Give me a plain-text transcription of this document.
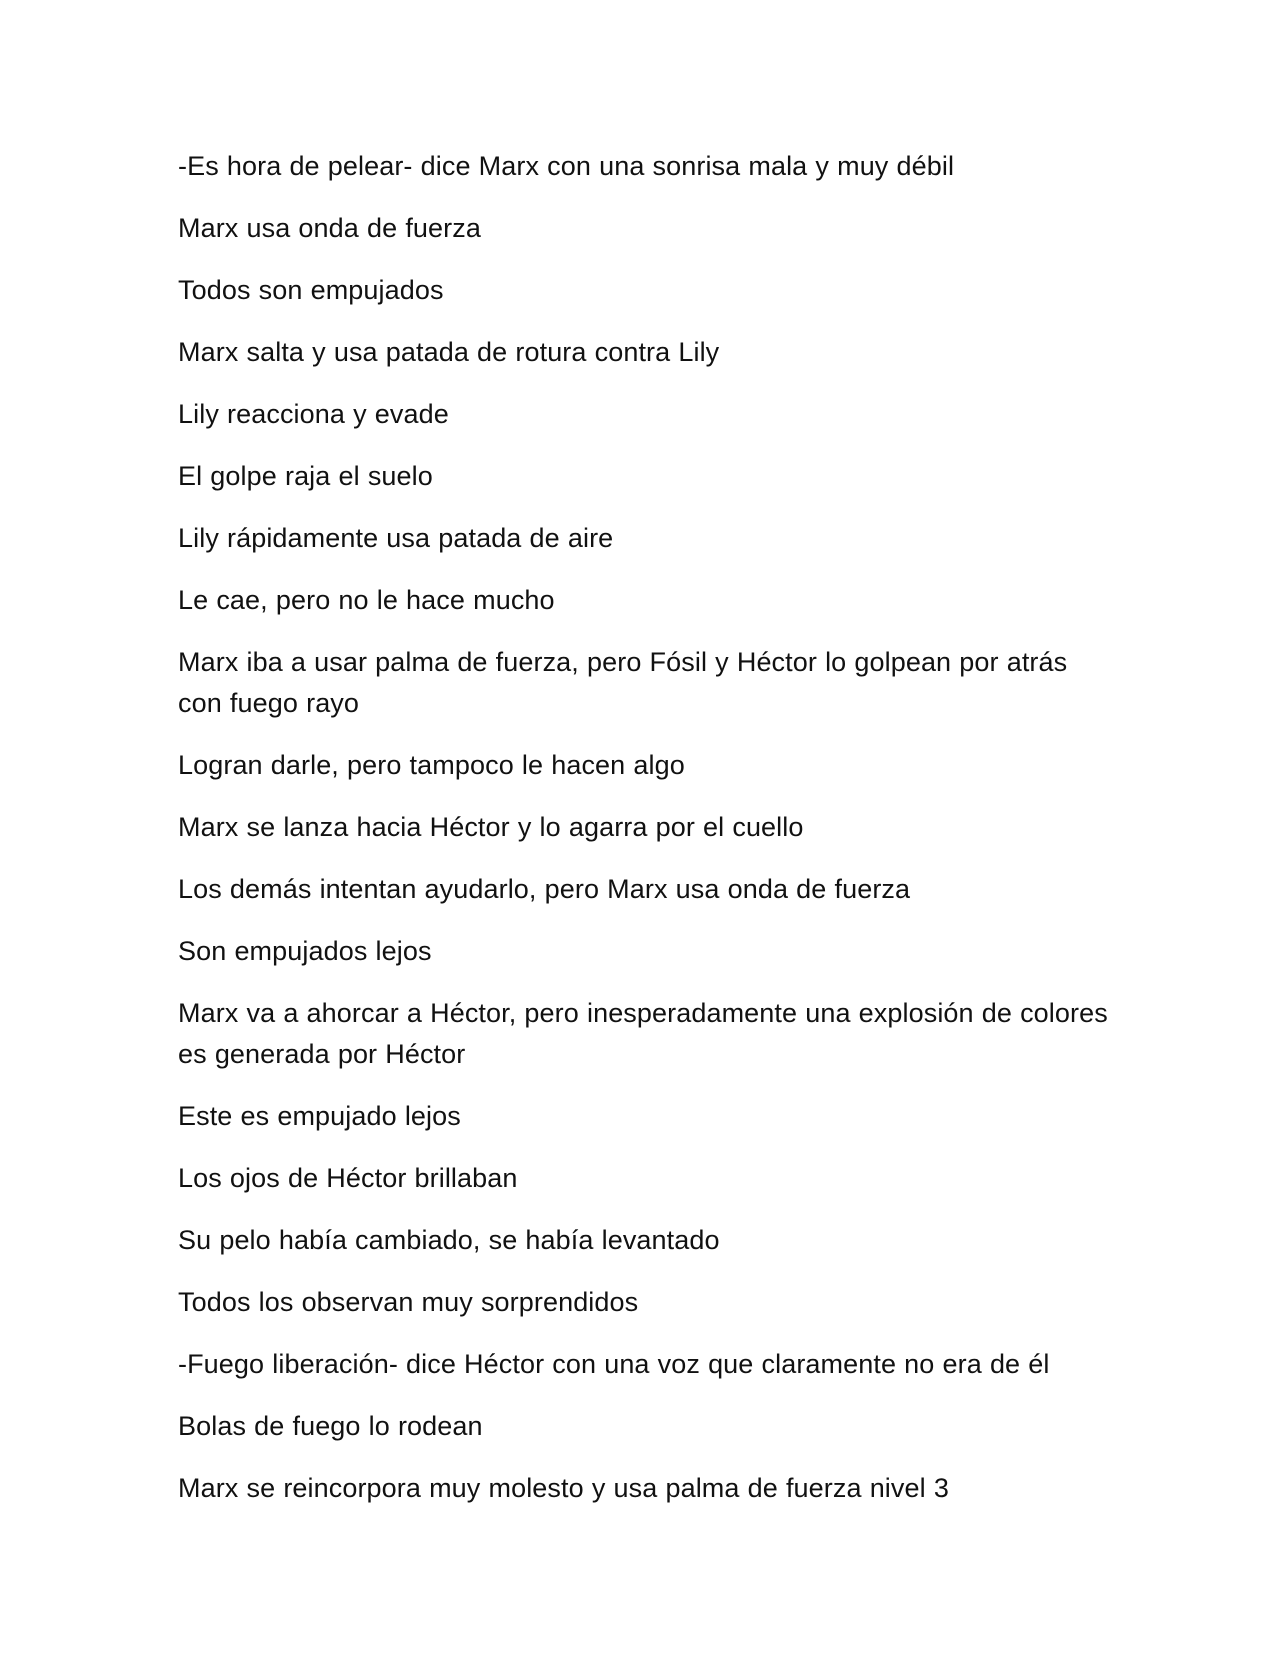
-Es hora de pelear- dice Marx con una sonrisa mala y muy débil

Marx usa onda de fuerza

Todos son empujados

Marx salta y usa patada de rotura contra Lily

Lily reacciona y evade

El golpe raja el suelo

Lily rápidamente usa patada de aire

Le cae, pero no le hace mucho

Marx iba a usar palma de fuerza, pero Fósil y Héctor lo golpean por atrás con fuego rayo

Logran darle, pero tampoco le hacen algo

Marx se lanza hacia Héctor y lo agarra por el cuello

Los demás intentan ayudarlo, pero Marx usa onda de fuerza

Son empujados lejos

Marx va a ahorcar a Héctor, pero inesperadamente una explosión de colores es generada por Héctor

Este es empujado lejos

Los ojos de Héctor brillaban

Su pelo había cambiado, se había levantado

Todos los observan muy sorprendidos

-Fuego liberación- dice Héctor con una voz que claramente no era de él

Bolas de fuego lo rodean

Marx se reincorpora muy molesto y usa palma de fuerza nivel 3
